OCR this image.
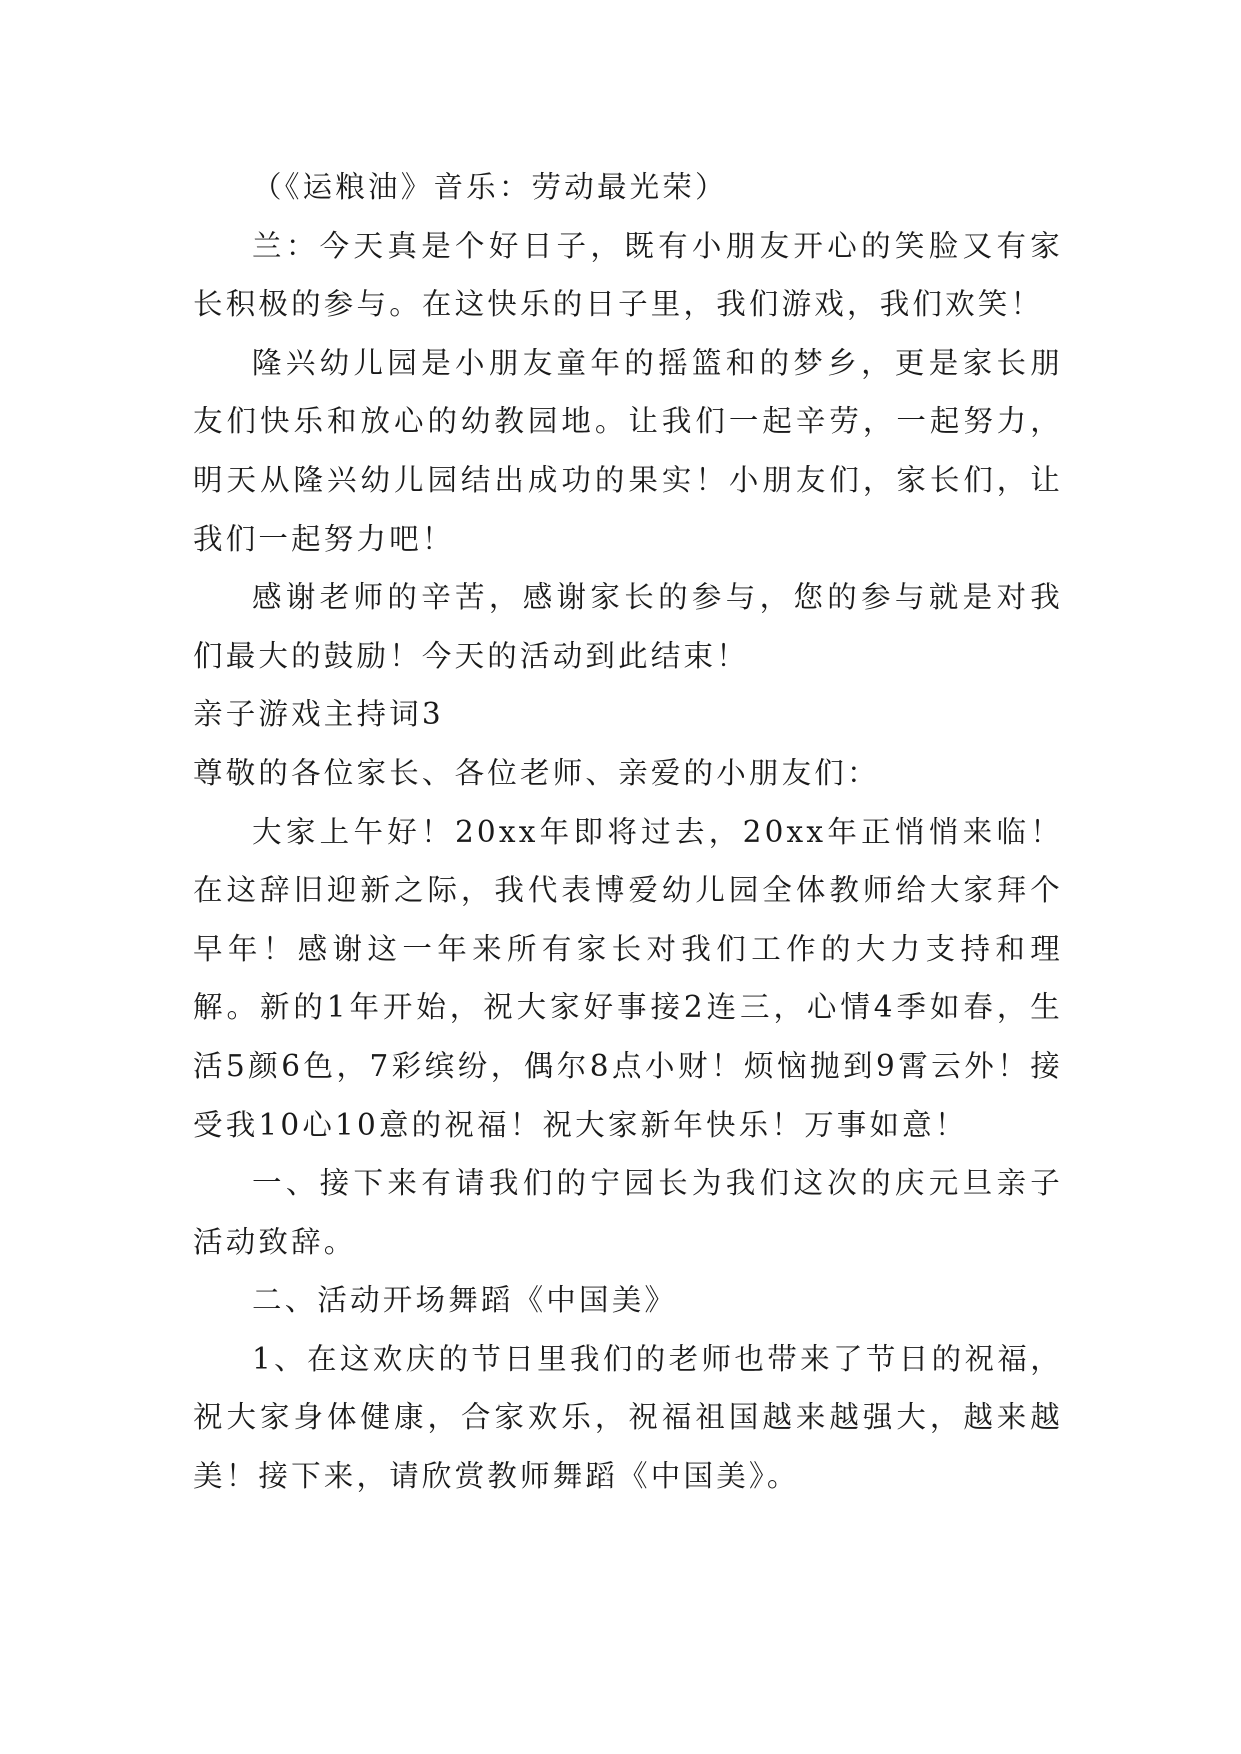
（《运粮油》音乐：劳动最光荣）

兰：今天真是个好日子，既有小朋友开心的笑脸又有家长积极的参与。在这快乐的日子里，我们游戏，我们欢笑！

隆兴幼儿园是小朋友童年的摇篮和的梦乡，更是家长朋友们快乐和放心的幼教园地。让我们一起辛劳，一起努力，明天从隆兴幼儿园结出成功的果实！小朋友们，家长们，让我们一起努力吧！

感谢老师的辛苦，感谢家长的参与，您的参与就是对我们最大的鼓励！今天的活动到此结束！

亲子游戏主持词3

尊敬的各位家长、各位老师、亲爱的小朋友们：

大家上午好！20xx年即将过去，20xx年正悄悄来临！在这辞旧迎新之际，我代表博爱幼儿园全体教师给大家拜个早年！感谢这一年来所有家长对我们工作的大力支持和理解。新的1年开始，祝大家好事接2连三，心情4季如春，生活5颜6色，7彩缤纷，偶尔8点小财！烦恼抛到9霄云外！接受我10心10意的祝福！祝大家新年快乐！万事如意！

一、接下来有请我们的宁园长为我们这次的庆元旦亲子活动致辞。

二、活动开场舞蹈《中国美》

1、在这欢庆的节日里我们的老师也带来了节日的祝福，祝大家身体健康，合家欢乐，祝福祖国越来越强大，越来越美！接下来，请欣赏教师舞蹈《中国美》。
